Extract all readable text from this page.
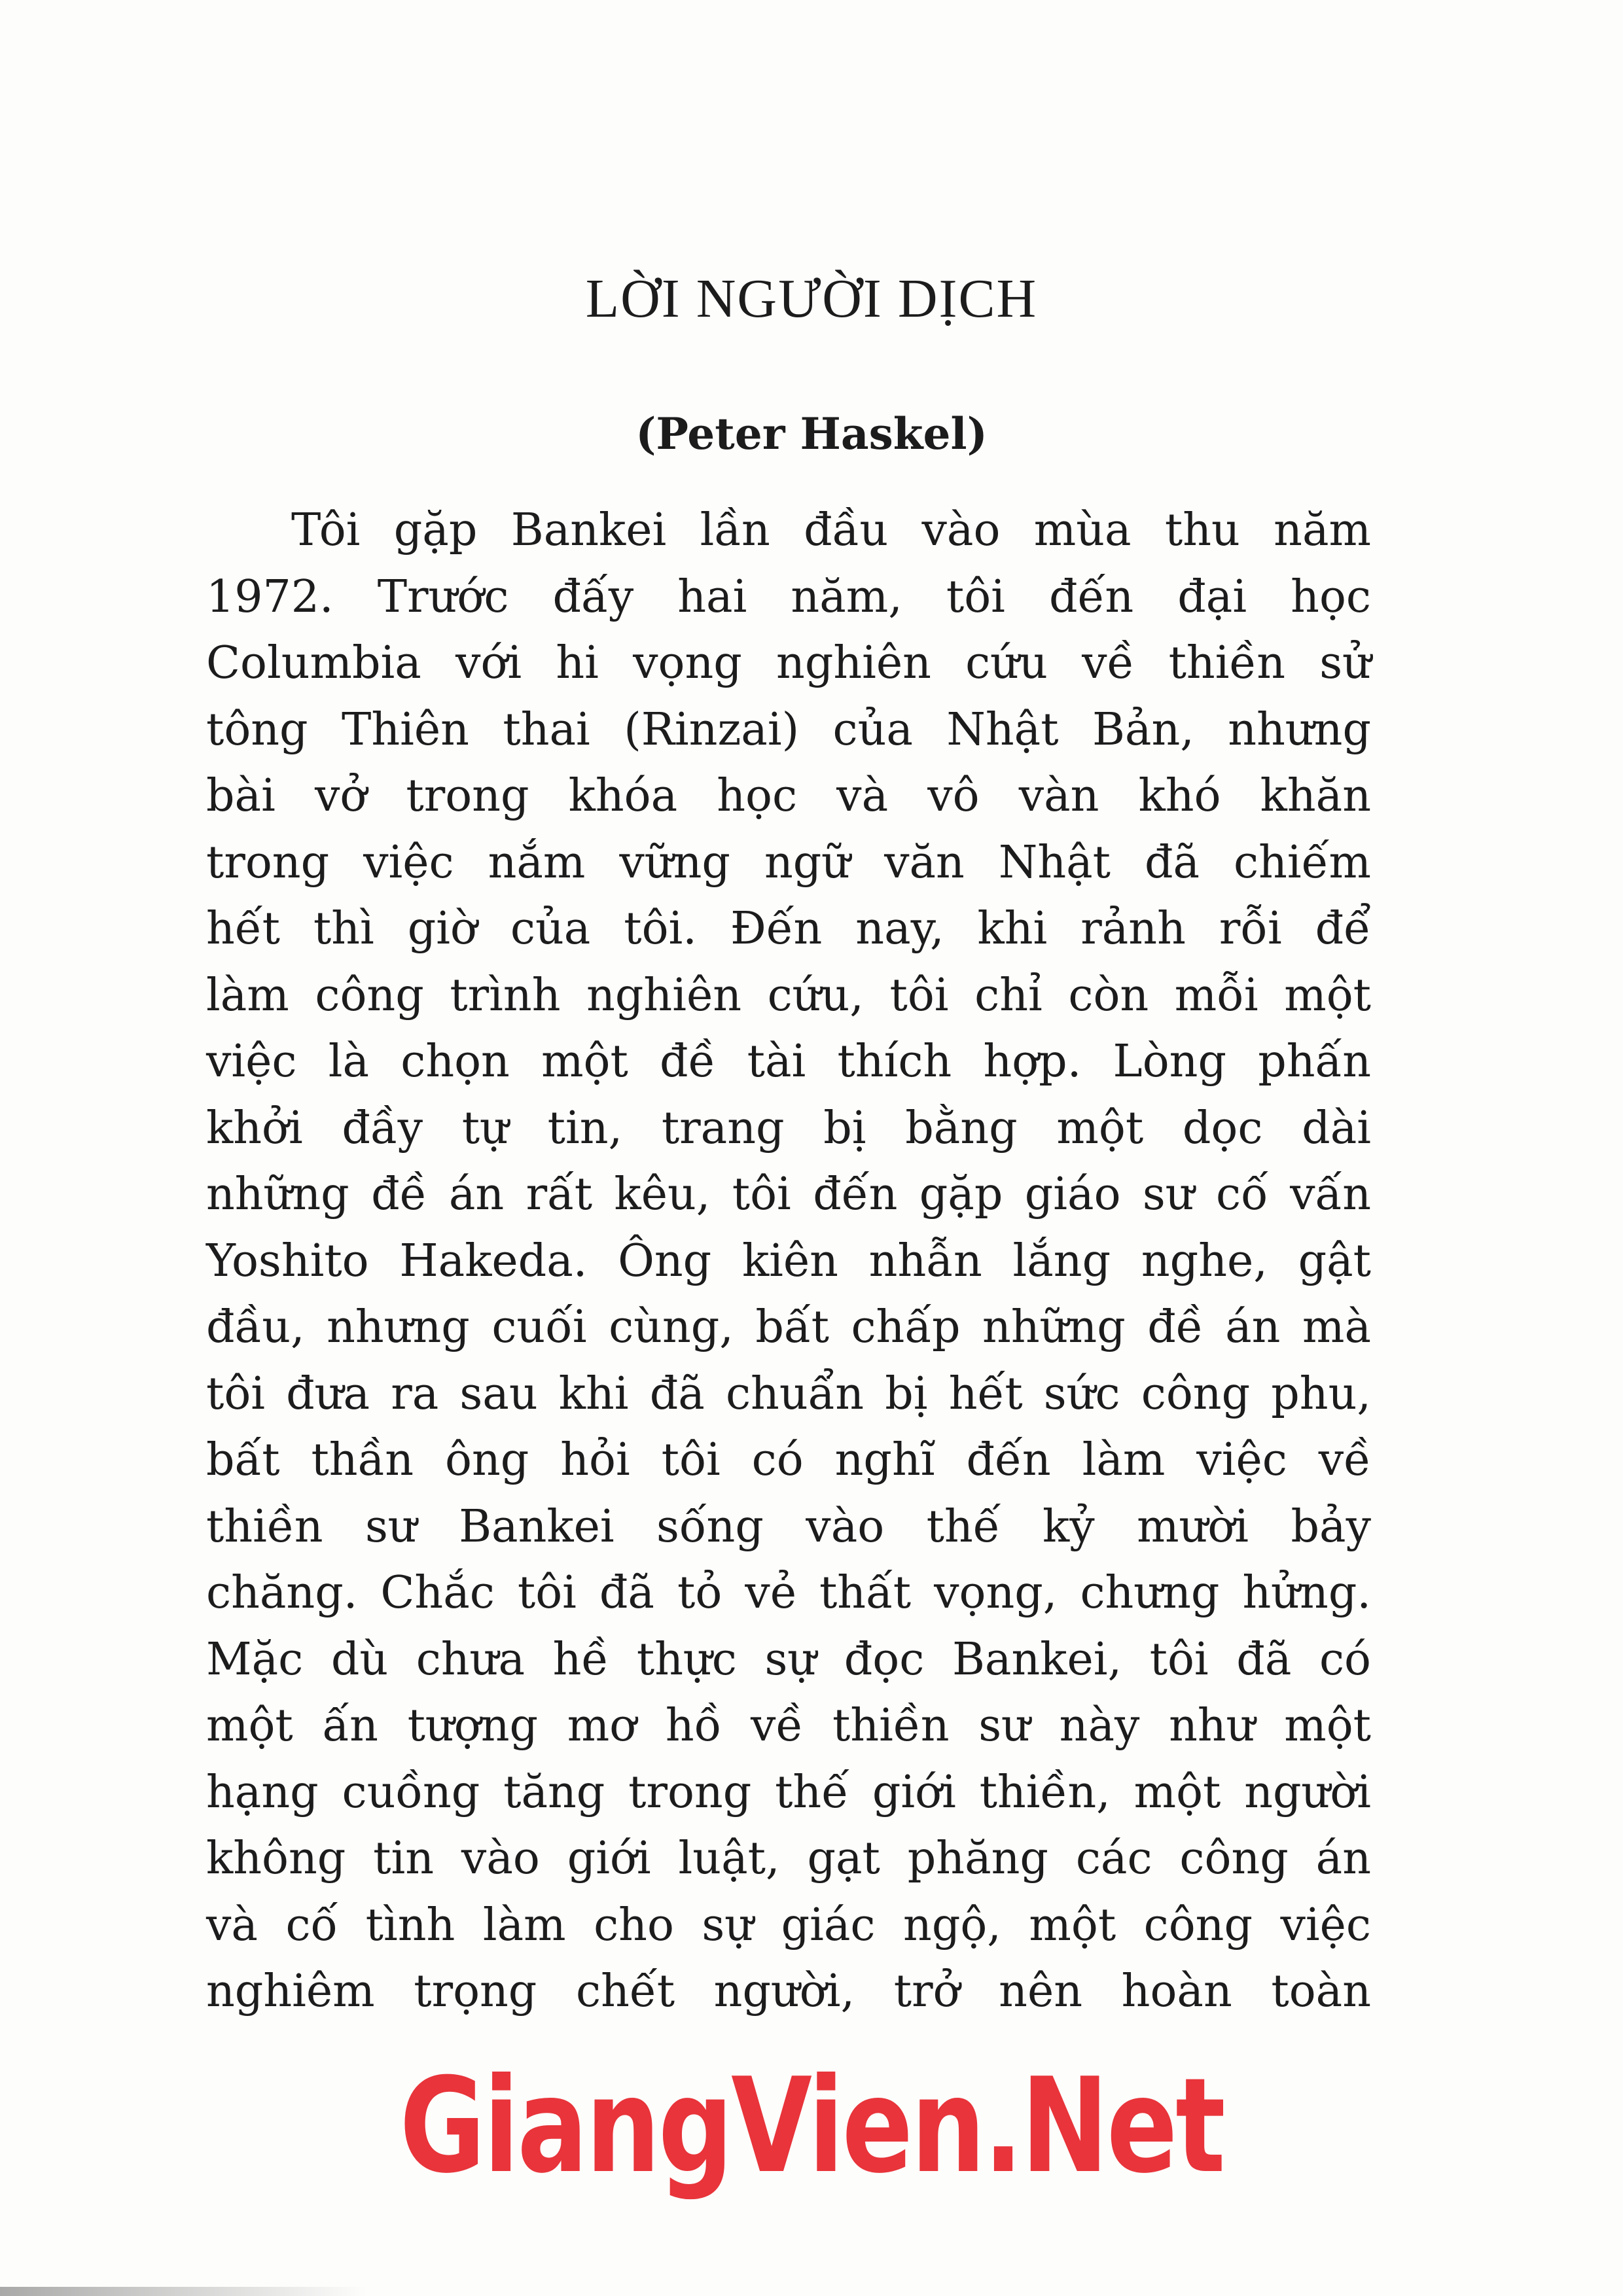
LỜI NGƯỜI DỊCH
(Peter Haskel)
Tôi gặp Bankei lần đầu vào mùa thu năm
1972. Trước đấy hai năm, tôi đến đại học
Columbia với hi vọng nghiên cứu về thiền sử
tông Thiên thai (Rinzai) của Nhật Bản, nhưng
bài vở trong khóa học và vô vàn khó khăn
trong việc nắm vững ngữ văn Nhật đã chiếm
hết thì giờ của tôi. Đến nay, khi rảnh rỗi để
làm công trình nghiên cứu, tôi chỉ còn mỗi một
việc là chọn một đề tài thích hợp. Lòng phấn
khởi đầy tự tin, trang bị bằng một dọc dài
những đề án rất kêu, tôi đến gặp giáo sư cố vấn
Yoshito Hakeda. Ông kiên nhẫn lắng nghe, gật
đầu, nhưng cuối cùng, bất chấp những đề án mà
tôi đưa ra sau khi đã chuẩn bị hết sức công phu,
bất thần ông hỏi tôi có nghĩ đến làm việc về
thiền sư Bankei sống vào thế kỷ mười bảy
chăng. Chắc tôi đã tỏ vẻ thất vọng, chưng hửng.
Mặc dù chưa hề thực sự đọc Bankei, tôi đã có
một ấn tượng mơ hồ về thiền sư này như một
hạng cuồng tăng trong thế giới thiền, một người
không tin vào giới luật, gạt phăng các công án
và cố tình làm cho sự giác ngộ, một công việc
nghiêm trọng chết người, trở nên hoàn toàn
GiangVien.Net
